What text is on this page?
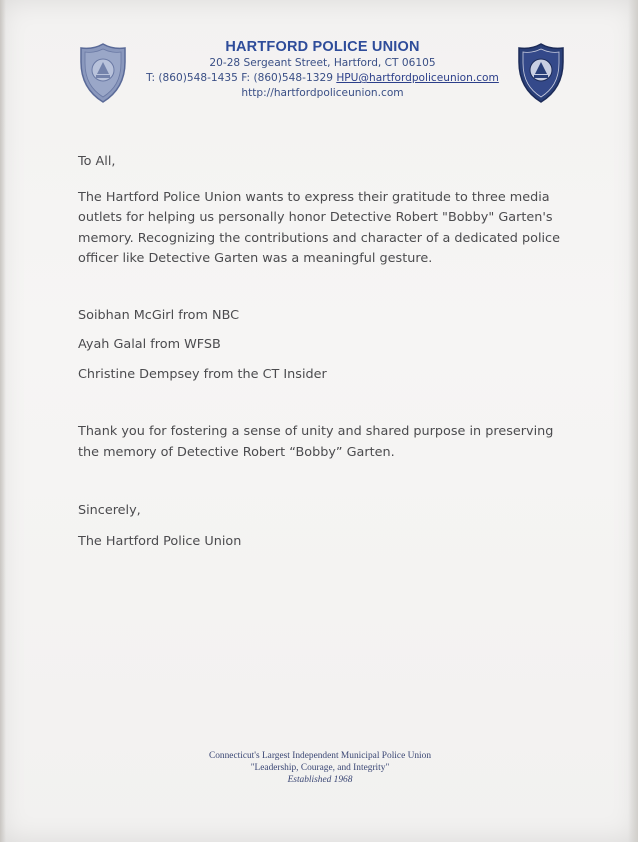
HARTFORD POLICE UNION
20-28 Sergeant Street, Hartford, CT 06105
T: (860)548-1435 F: (860)548-1329 HPU@hartfordpoliceunion.com
http://hartfordpoliceunion.com

To All,

The Hartford Police Union wants to express their gratitude to three media outlets for helping us personally honor Detective Robert "Bobby" Garten's memory. Recognizing the contributions and character of a dedicated police officer like Detective Garten was a meaningful gesture.

Soibhan McGirl from NBC

Ayah Galal from WFSB

Christine Dempsey from the CT Insider

Thank you for fostering a sense of unity and shared purpose in preserving the memory of Detective Robert “Bobby” Garten.

Sincerely,

The Hartford Police Union

Connecticut's Largest Independent Municipal Police Union
"Leadership, Courage, and Integrity"
Established 1968
